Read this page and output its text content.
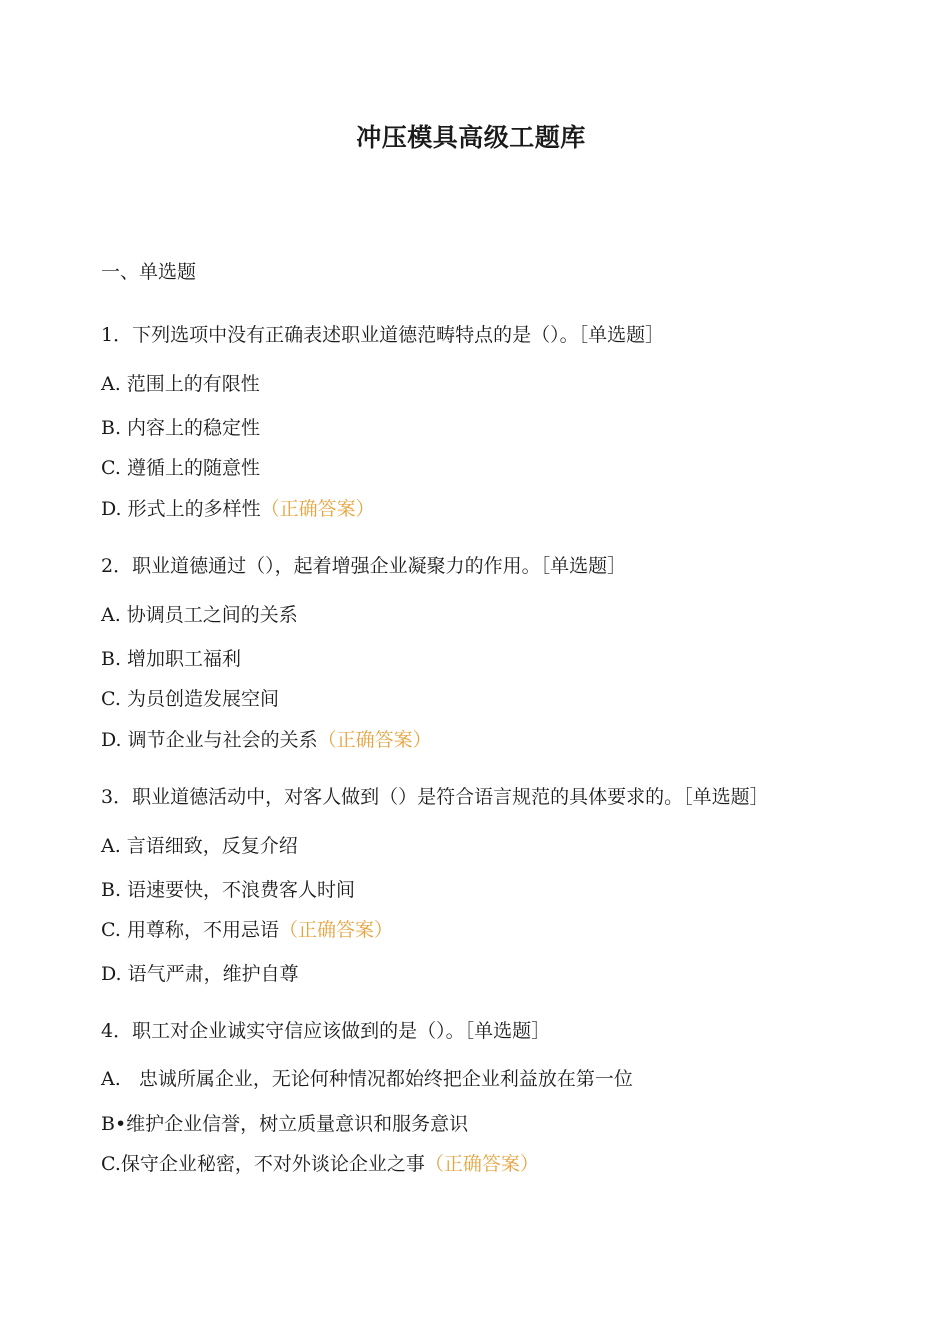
冲压模具高级工题库

一、单选题

1．下列选项中没有正确表述职业道德范畴特点的是（）。［单选题］

A. 范围上的有限性

B. 内容上的稳定性

C. 遵循上的随意性

D. 形式上的多样性（正确答案）

2．职业道德通过（），起着增强企业凝聚力的作用。［单选题］

A. 协调员工之间的关系

B. 增加职工福利

C. 为员创造发展空间

D. 调节企业与社会的关系（正确答案）

3．职业道德活动中，对客人做到（）是符合语言规范的具体要求的。［单选题］

A. 言语细致，反复介绍

B. 语速要快，不浪费客人时间

C. 用尊称，不用忌语（正确答案）

D. 语气严肃，维护自尊

4．职工对企业诚实守信应该做到的是（）。［单选题］

A.   忠诚所属企业，无论何种情况都始终把企业利益放在第一位

B•维护企业信誉，树立质量意识和服务意识

C.保守企业秘密，不对外谈论企业之事（正确答案）
